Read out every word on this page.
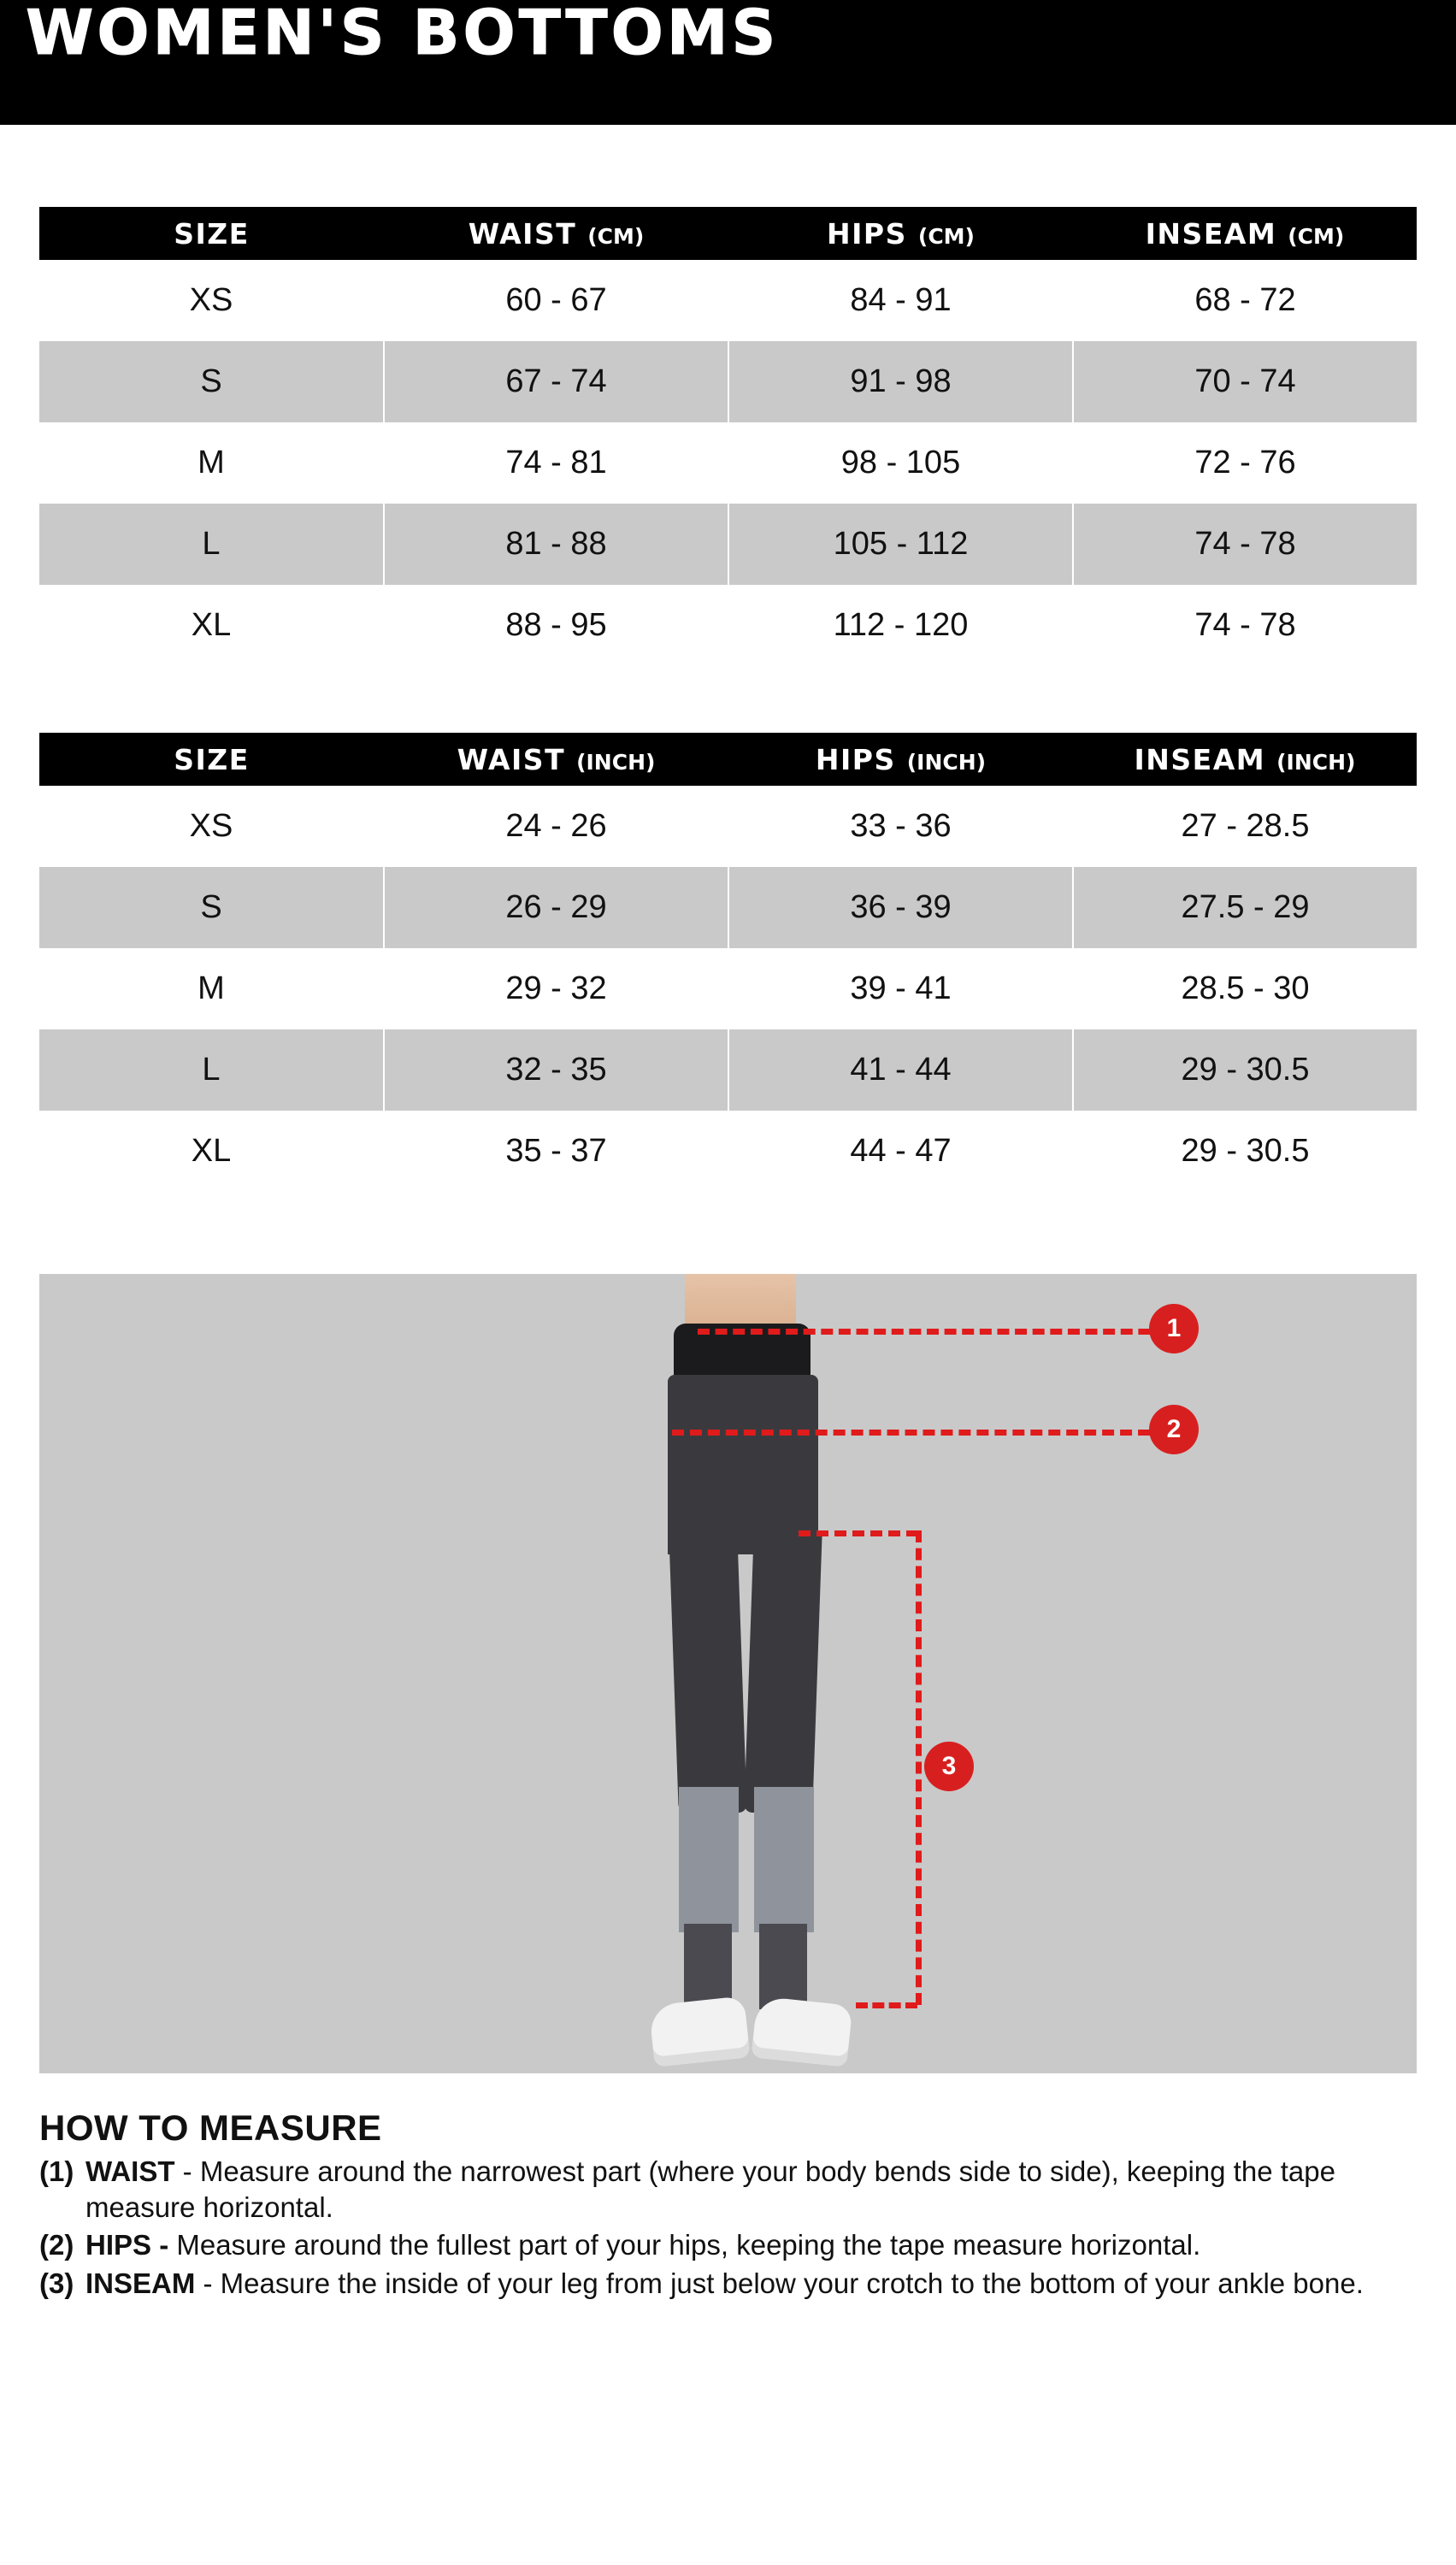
WOMEN'S BOTTOMS
SIZE	WAIST (CM)	HIPS (CM)	INSEAM (CM)
XS	60 - 67	84 - 91	68 - 72
S	67 - 74	91 - 98	70 - 74
M	74 - 81	98 - 105	72 - 76
L	81 - 88	105 - 112	74 - 78
XL	88 - 95	112 - 120	74 - 78
SIZE	WAIST (INCH)	HIPS (INCH)	INSEAM (INCH)
XS	24 - 26	33 - 36	27 - 28.5
S	26 - 29	36 - 39	27.5 - 29
M	29 - 32	39 - 41	28.5 - 30
L	32 - 35	41 - 44	29 - 30.5
XL	35 - 37	44 - 47	29 - 30.5
1
2
3
HOW TO MEASURE
(1) WAIST - Measure around the narrowest part (where your body bends side to side), keeping the tape measure horizontal.
(2) HIPS - Measure around the fullest part of your hips, keeping the tape measure horizontal.
(3) INSEAM - Measure the inside of your leg from just below your crotch to the bottom of your ankle bone.
